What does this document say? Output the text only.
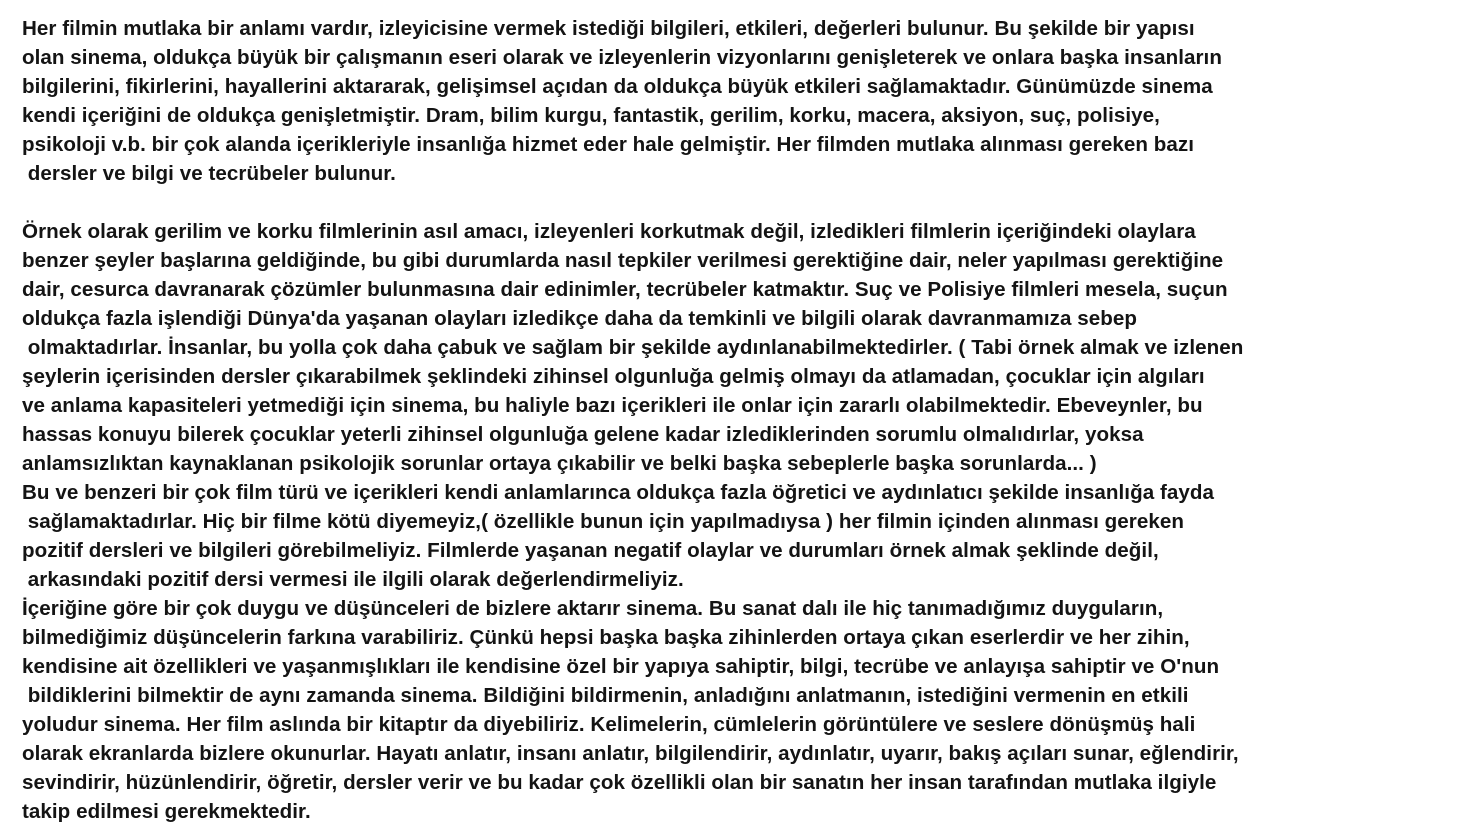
Her filmin mutlaka bir anlamı vardır, izleyicisine vermek istediği bilgileri, etkileri, değerleri bulunur. Bu şekilde bir yapısı
olan sinema, oldukça büyük bir çalışmanın eseri olarak ve izleyenlerin vizyonlarını genişleterek ve onlara başka insanların
bilgilerini, fikirlerini, hayallerini aktararak, gelişimsel açıdan da oldukça büyük etkileri sağlamaktadır. Günümüzde sinema
kendi içeriğini de oldukça genişletmiştir. Dram, bilim kurgu, fantastik, gerilim, korku, macera, aksiyon, suç, polisiye,
psikoloji v.b. bir çok alanda içerikleriyle insanlığa hizmet eder hale gelmiştir. Her filmden mutlaka alınması gereken bazı
dersler ve bilgi ve tecrübeler bulunur.
Örnek olarak gerilim ve korku filmlerinin asıl amacı, izleyenleri korkutmak değil, izledikleri filmlerin içeriğindeki olaylara
benzer şeyler başlarına geldiğinde, bu gibi durumlarda nasıl tepkiler verilmesi gerektiğine dair, neler yapılması gerektiğine
dair, cesurca davranarak çözümler bulunmasına dair edinimler, tecrübeler katmaktır. Suç ve Polisiye filmleri mesela, suçun
oldukça fazla işlendiği Dünya'da yaşanan olayları izledikçe daha da temkinli ve bilgili olarak davranmamıza sebep
olmaktadırlar. İnsanlar, bu yolla çok daha çabuk ve sağlam bir şekilde aydınlanabilmektedirler. ( Tabi örnek almak ve izlenen
şeylerin içerisinden dersler çıkarabilmek şeklindeki zihinsel olgunluğa gelmiş olmayı da atlamadan, çocuklar için algıları
ve anlama kapasiteleri yetmediği için sinema, bu haliyle bazı içerikleri ile onlar için zararlı olabilmektedir. Ebeveynler, bu
hassas konuyu bilerek çocuklar yeterli zihinsel olgunluğa gelene kadar izlediklerinden sorumlu olmalıdırlar, yoksa
anlamsızlıktan kaynaklanan psikolojik sorunlar ortaya çıkabilir ve belki başka sebeplerle başka sorunlarda... )
Bu ve benzeri bir çok film türü ve içerikleri kendi anlamlarınca oldukça fazla öğretici ve aydınlatıcı şekilde insanlığa fayda
sağlamaktadırlar. Hiç bir filme kötü diyemeyiz,( özellikle bunun için yapılmadıysa ) her filmin içinden alınması gereken
pozitif dersleri ve bilgileri görebilmeliyiz. Filmlerde yaşanan negatif olaylar ve durumları örnek almak şeklinde değil,
arkasındaki pozitif dersi vermesi ile ilgili olarak değerlendirmeliyiz.
İçeriğine göre bir çok duygu ve düşünceleri de bizlere aktarır sinema. Bu sanat dalı ile hiç tanımadığımız duyguların,
bilmediğimiz düşüncelerin farkına varabiliriz. Çünkü hepsi başka başka zihinlerden ortaya çıkan eserlerdir ve her zihin,
kendisine ait özellikleri ve yaşanmışlıkları ile kendisine özel bir yapıya sahiptir, bilgi, tecrübe ve anlayışa sahiptir ve O'nun
bildiklerini bilmektir de aynı zamanda sinema. Bildiğini bildirmenin, anladığını anlatmanın, istediğini vermenin en etkili
yoludur sinema. Her film aslında bir kitaptır da diyebiliriz. Kelimelerin, cümlelerin görüntülere ve seslere dönüşmüş hali
olarak ekranlarda bizlere okunurlar. Hayatı anlatır, insanı anlatır, bilgilendirir, aydınlatır, uyarır, bakış açıları sunar, eğlendirir,
sevindirir, hüzünlendirir, öğretir, dersler verir ve bu kadar çok özellikli olan bir sanatın her insan tarafından mutlaka ilgiyle
takip edilmesi gerekmektedir.
